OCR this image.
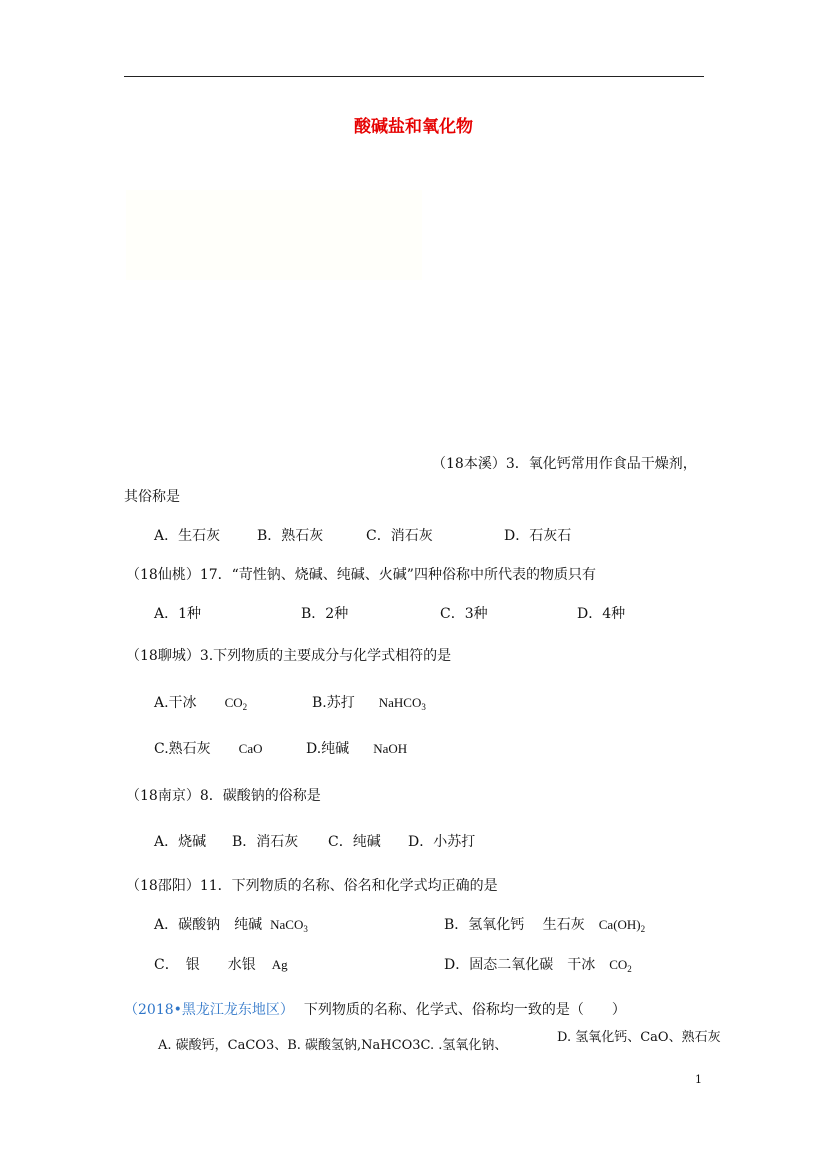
酸碱盐和氧化物
（18本溪）3．氧化钙常用作食品干燥剂，
其俗称是
A．生石灰	B．熟石灰	C．消石灰	D．石灰石
（18仙桃）17．“苛性钠、烧碱、纯碱、火碱”四种俗称中所代表的物质只有
A．1种	B．2种	C．3种	D．4种
（18聊城）3.下列物质的主要成分与化学式相符的是
A.干冰 $CO_2$	B.苏打 NaHCO$_3$
C.熟石灰 CaO	D.纯碱 NaOH
（18南京）8．碳酸钠的俗称是
A．烧碱 B．消石灰 C．纯碱 D．小苏打
（18邵阳）11．下列物质的名称、俗名和化学式均正确的是
A．碳酸钠　纯碱 NaCO$_3$	B．氢氧化钙　 生石灰 $Ca(OH)_2$
C．　银　　水银 Ag	D．固态二氧化碳　干冰 $CO_2$
（2018•黑龙江龙东地区） 下列物质的名称、化学式、俗称均一致的是（　　）
A. 碳酸钙，CaCO3、B. 碳酸氢钠,NaHCO3C. .氢氧化钠、
D. 氢氧化钙、CaO、熟石灰
1
